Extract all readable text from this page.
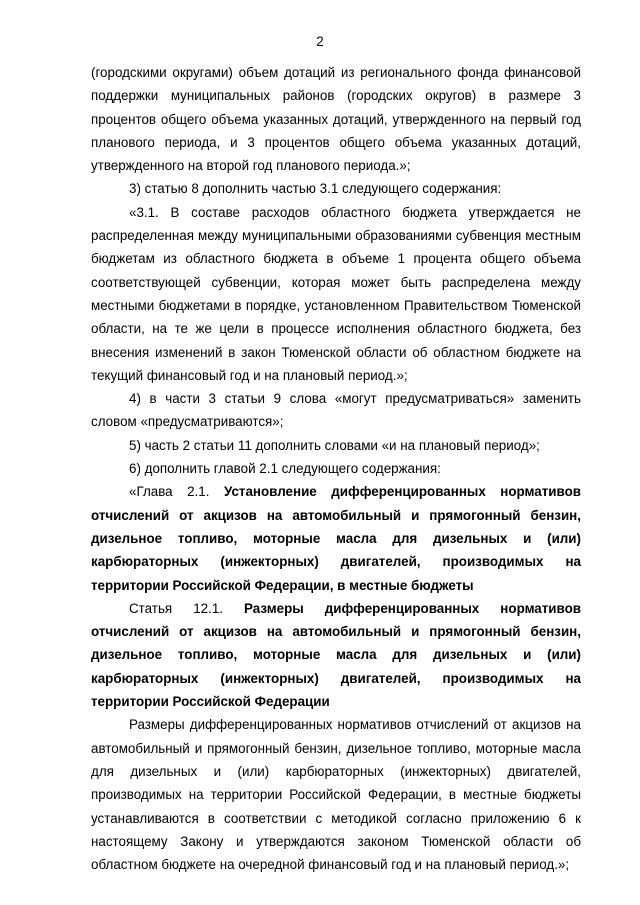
2

(городскими округами) объем дотаций из регионального фонда финансовой поддержки муниципальных районов (городских округов) в размере 3 процентов общего объема указанных дотаций, утвержденного на первый год планового периода, и 3 процентов общего объема указанных дотаций, утвержденного на второй год планового периода.»;

3) статью 8 дополнить частью 3.1 следующего содержания:

«3.1. В составе расходов областного бюджета утверждается не распределенная между муниципальными образованиями субвенция местным бюджетам из областного бюджета в объеме 1 процента общего объема соответствующей субвенции, которая может быть распределена между местными бюджетами в порядке, установленном Правительством Тюменской области, на те же цели в процессе исполнения областного бюджета, без внесения изменений в закон Тюменской области об областном бюджете на текущий финансовый год и на плановый период.»;

4) в части 3 статьи 9 слова «могут предусматриваться» заменить словом «предусматриваются»;

5) часть 2 статьи 11 дополнить словами «и на плановый период»;

6) дополнить главой 2.1 следующего содержания:

«Глава 2.1. Установление дифференцированных нормативов отчислений от акцизов на автомобильный и прямогонный бензин, дизельное топливо, моторные масла для дизельных и (или) карбюраторных (инжекторных) двигателей, производимых на территории Российской Федерации, в местные бюджеты

Статья 12.1. Размеры дифференцированных нормативов отчислений от акцизов на автомобильный и прямогонный бензин, дизельное топливо, моторные масла для дизельных и (или) карбюраторных (инжекторных) двигателей, производимых на территории Российской Федерации

Размеры дифференцированных нормативов отчислений от акцизов на автомобильный и прямогонный бензин, дизельное топливо, моторные масла для дизельных и (или) карбюраторных (инжекторных) двигателей, производимых на территории Российской Федерации, в местные бюджеты устанавливаются в соответствии с методикой согласно приложению 6 к настоящему Закону и утверждаются законом Тюменской области об областном бюджете на очередной финансовый год и на плановый период.»;
